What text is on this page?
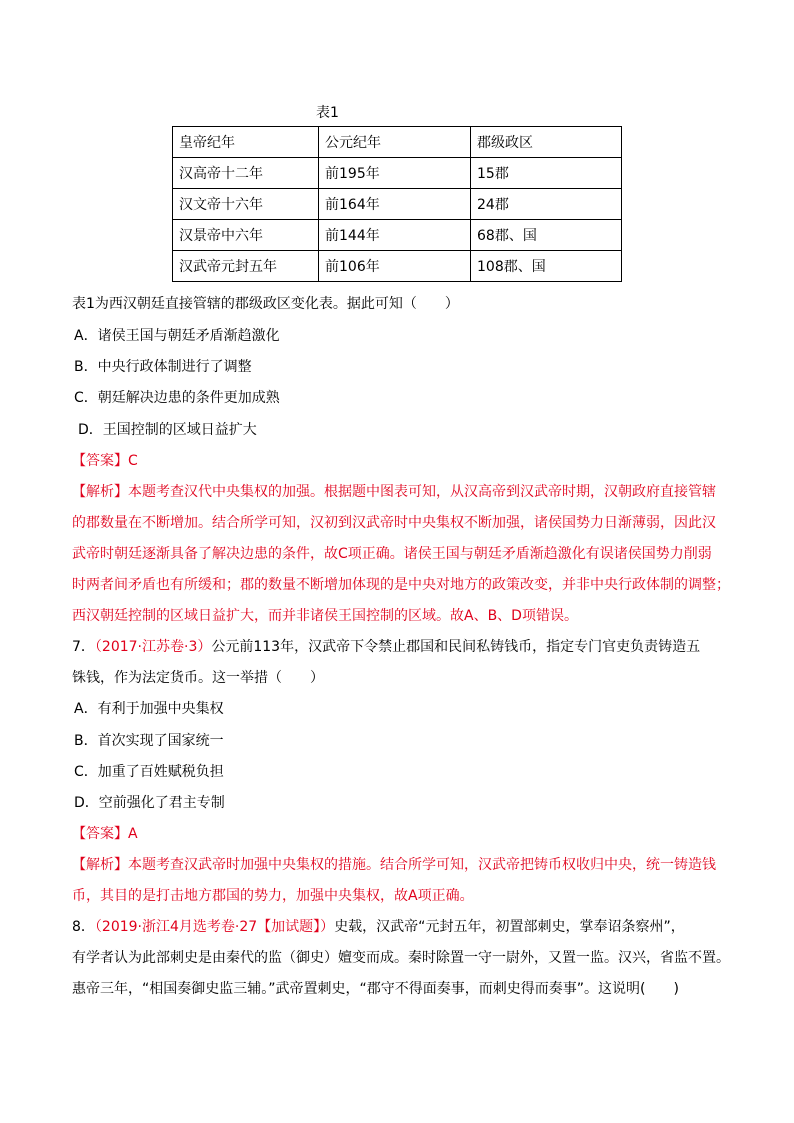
表1
皇帝纪年	公元纪年	郡级政区
汉高帝十二年	前195年	15郡
汉文帝十六年	前164年	24郡
汉景帝中六年	前144年	68郡、国
汉武帝元封五年	前106年	108郡、国
表1为西汉朝廷直接管辖的郡级政区变化表。据此可知（　　）
A．诸侯王国与朝廷矛盾渐趋激化
B．中央行政体制进行了调整
C．朝廷解决边患的条件更加成熟
D．王国控制的区域日益扩大
【答案】C
【解析】本题考查汉代中央集权的加强。根据题中图表可知，从汉高帝到汉武帝时期，汉朝政府直接管辖
的郡数量在不断增加。结合所学可知，汉初到汉武帝时中央集权不断加强，诸侯国势力日渐薄弱，因此汉
武帝时朝廷逐渐具备了解决边患的条件，故C项正确。诸侯王国与朝廷矛盾渐趋激化有误诸侯国势力削弱
时两者间矛盾也有所缓和；郡的数量不断增加体现的是中央对地方的政策改变，并非中央行政体制的调整；
西汉朝廷控制的区域日益扩大，而并非诸侯王国控制的区域。故A、B、D项错误。
7．（2017·江苏卷·3）公元前113年，汉武帝下令禁止郡国和民间私铸钱币，指定专门官吏负责铸造五
铢钱，作为法定货币。这一举措（　　）
A．有利于加强中央集权
B．首次实现了国家统一
C．加重了百姓赋税负担
D．空前强化了君主专制
【答案】A
【解析】本题考查汉武帝时加强中央集权的措施。结合所学可知，汉武帝把铸币权收归中央，统一铸造钱
币，其目的是打击地方郡国的势力，加强中央集权，故A项正确。
8．（2019·浙江4月选考卷·27【加试题】）史载，汉武帝“元封五年，初置部刺史，掌奉诏条察州”，
有学者认为此部刺史是由秦代的监（御史）嬗变而成。秦时除置一守一尉外，又置一监。汉兴，省监不置。
惠帝三年，“相国奏御史监三辅。”武帝置刺史，“郡守不得面奏事，而刺史得而奏事”。这说明(　　)
